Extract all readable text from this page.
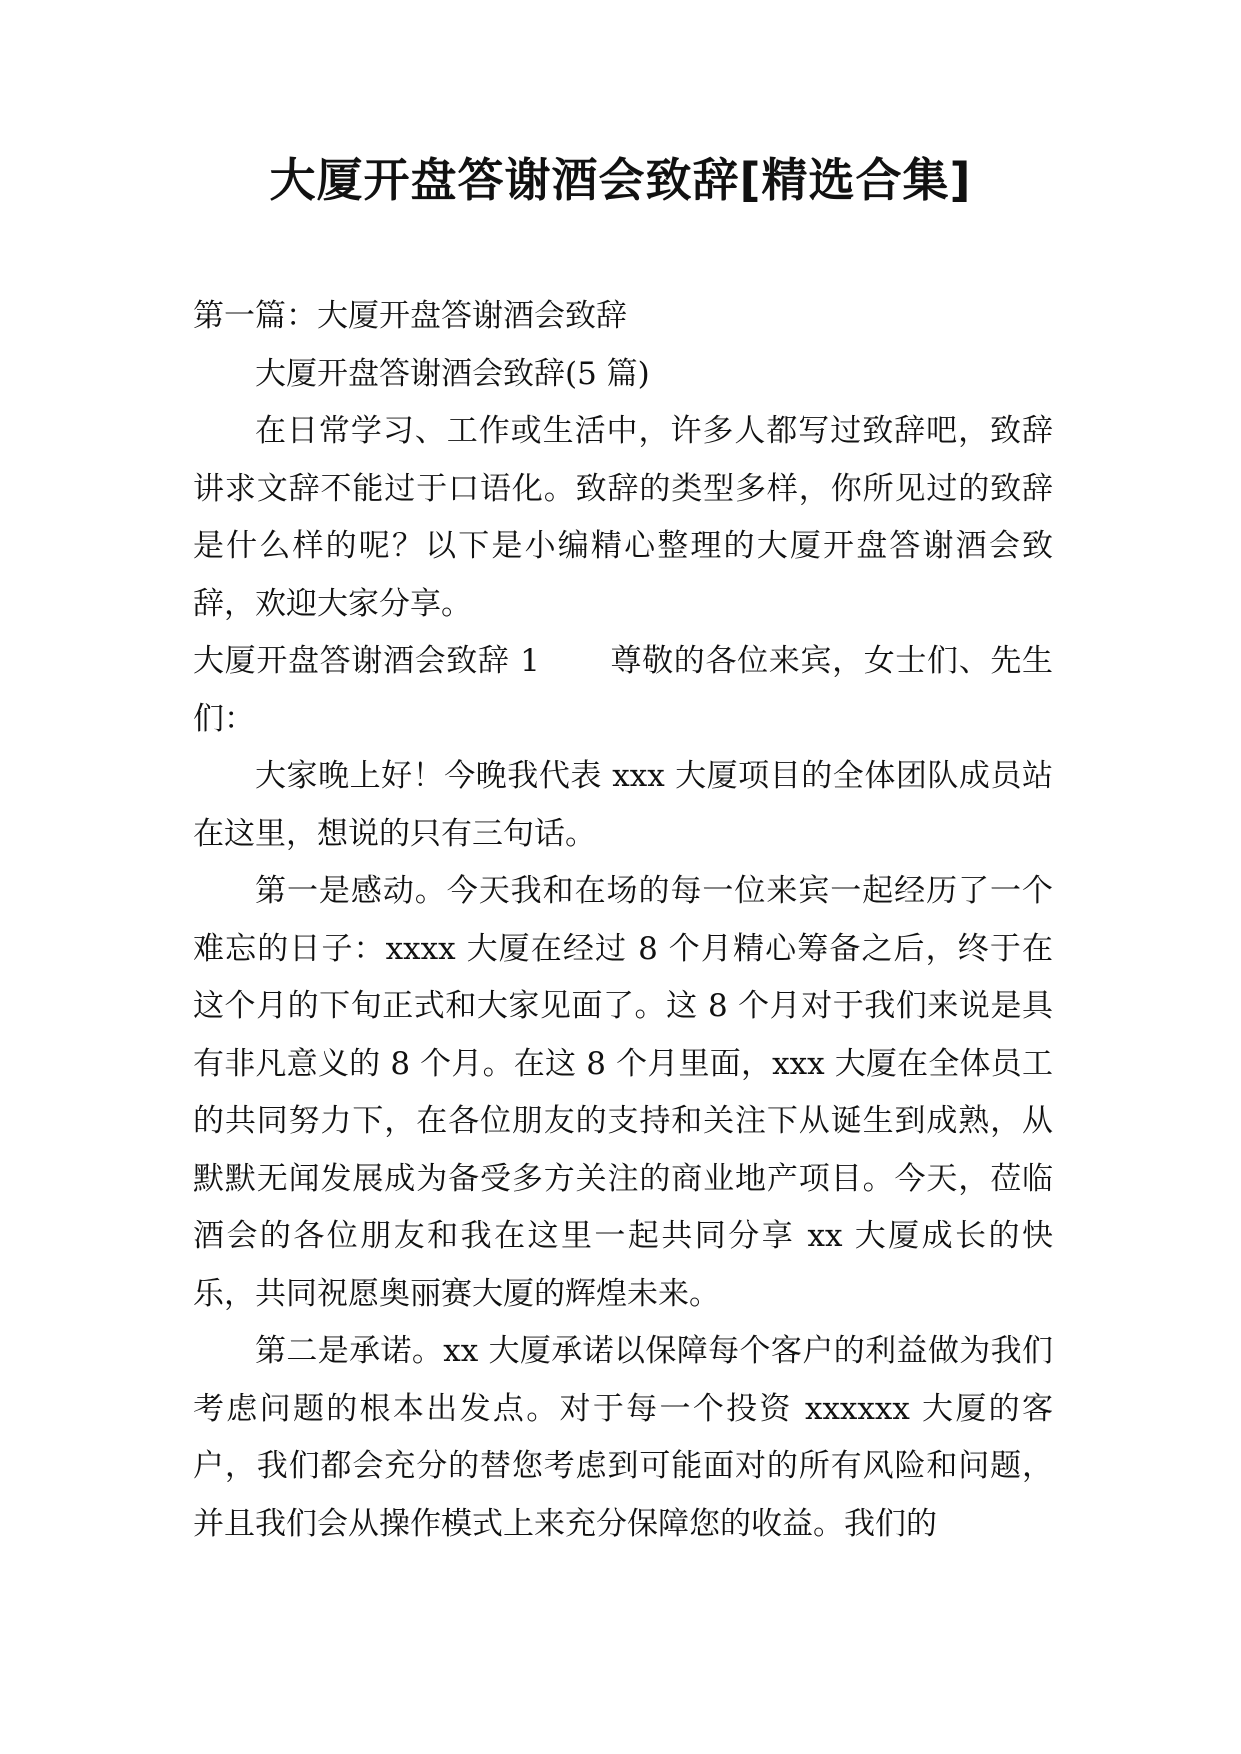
大厦开盘答谢酒会致辞[精选合集]

第一篇：大厦开盘答谢酒会致辞

大厦开盘答谢酒会致辞(5 篇)

在日常学习、工作或生活中，许多人都写过致辞吧，致辞讲求文辞不能过于口语化。致辞的类型多样，你所见过的致辞是什么样的呢？以下是小编精心整理的大厦开盘答谢酒会致辞，欢迎大家分享。

大厦开盘答谢酒会致辞 1 尊敬的各位来宾，女士们、先生们：

大家晚上好！今晚我代表 xxx 大厦项目的全体团队成员站在这里，想说的只有三句话。

第一是感动。今天我和在场的每一位来宾一起经历了一个难忘的日子：xxxx 大厦在经过 8 个月精心筹备之后，终于在这个月的下旬正式和大家见面了。这 8 个月对于我们来说是具有非凡意义的 8 个月。在这 8 个月里面，xxx 大厦在全体员工的共同努力下，在各位朋友的支持和关注下从诞生到成熟，从默默无闻发展成为备受多方关注的商业地产项目。今天，莅临酒会的各位朋友和我在这里一起共同分享 xx 大厦成长的快乐，共同祝愿奥丽赛大厦的辉煌未来。

第二是承诺。xx 大厦承诺以保障每个客户的利益做为我们考虑问题的根本出发点。对于每一个投资 xxxxxx 大厦的客户，我们都会充分的替您考虑到可能面对的所有风险和问题，并且我们会从操作模式上来充分保障您的收益。我们的
